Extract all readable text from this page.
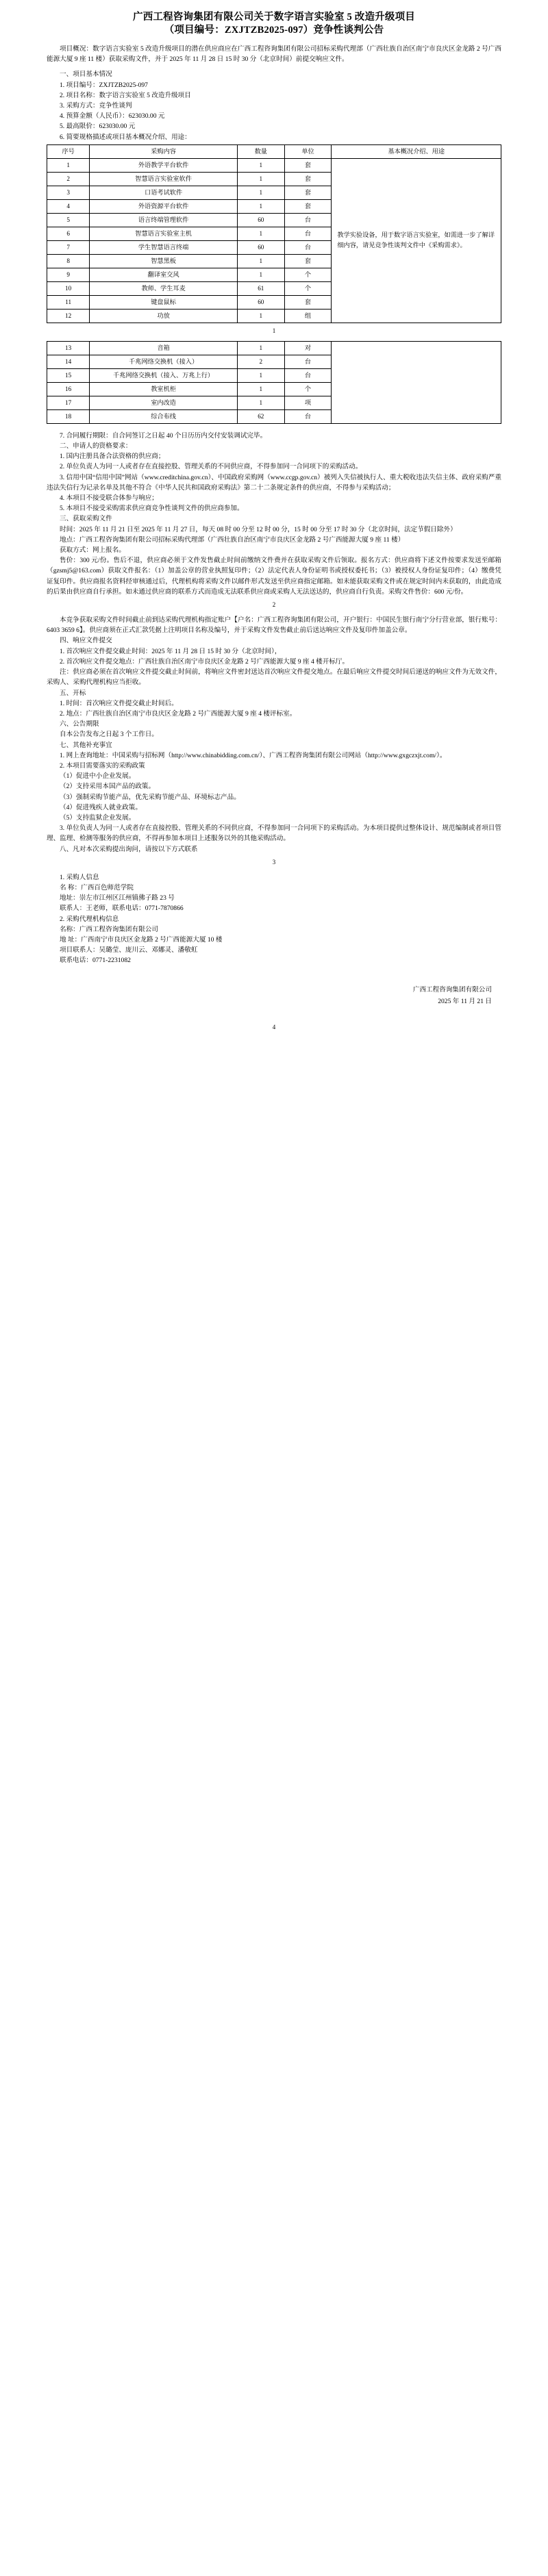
广西工程咨询集团有限公司关于数字语言实验室 5 改造升级项目
（项目编号：ZXJTZB2025-097）竞争性谈判公告

项目概况：数字语言实验室 5 改造升级项目的潜在供应商应在广西工程咨询集团有限公司招标采购代理部（广西壮族自治区南宁市良庆区金龙路 2 号广西能源大厦 9 座 11 楼）获取采购文件，并于 2025 年 11 月 28 日 15 时 30 分（北京时间）前提交响应文件。

一、项目基本情况

1. 项目编号：ZXJTZB2025-097

2. 项目名称：数字语言实验室 5 改造升级项目

3. 采购方式：竞争性谈判

4. 预算金额（人民币）：623030.00 元

5. 最高限价：623030.00 元

6. 简要规格描述或项目基本概况介绍、用途：

序号	采购内容	数量	单位	基本概况介绍、用途
1	外语教学平台软件	1	套	教学实验设备，用于数字语言实验室，如需进一步了解详细内容，请见竞争性谈判文件中《采购需求》。
2	智慧语言实验室软件	1	套	
3	口语考试软件	1	套	
4	外语资源平台软件	1	套	
5	语言终端管理软件	60	台	
6	智慧语言实验室主机	1	台	
7	学生智慧语言终端	60	台	
8	智慧黑板	1	套	
9	翻译室交风	1	个	
10	教师、学生耳麦	61	个	
11	键盘鼠标	60	套	
12	功放	1	组	
1
13	音箱	1	对	
14	千兆网络交换机（接入）	2	台	
15	千兆网络交换机（接入、万兆上行）	1	台	
16	教室机柜	1	个	
17	室内改造	1	项	
18	综合布线	62	台	

7. 合同履行期限：自合同签订之日起 40 个日历历内交付安装调试完毕。

二、申请人的资格要求：

1. 国内注册具备合法资格的供应商；

2. 单位负责人为同一人或者存在直接控股、管理关系的不同供应商，不得参加同一合同项下的采购活动。

3. 信用中国“信用中国”网站（www.creditchina.gov.cn）、中国政府采购网（www.ccgp.gov.cn）被列入失信被执行人、重大税收违法失信主体、政府采购严重违法失信行为记录名单及其他不符合《中华人民共和国政府采购法》第二十二条规定条件的供应商，不得参与采购活动；

4. 本项目不接受联合体参与响应；

5. 本项目不接受采购需求供应商竞争性谈判文件的供应商参加。

三、获取采购文件

时间：2025 年 11 月 21 日至 2025 年 11 月 27 日，每天 08 时 00 分至 12 时 00 分，15 时 00 分至 17 时 30 分（北京时间，法定节假日除外）

地点：广西工程咨询集团有限公司招标采购代理部（广西壮族自治区南宁市良庆区金龙路 2 号广西能源大厦 9 座 11 楼）

获取方式：网上报名。

售价：300 元/份。售后不退，供应商必须于文件发售截止时间前缴纳文件费并在获取采购文件后领取。报名方式：供应商将下述文件按要求发送至邮箱（gzsmj5@163.com）获取文件报名：（1）加盖公章的营业执照复印件；（2）法定代表人身份证明书或授权委托书；（3）被授权人身份证复印件；（4）缴费凭证复印件。供应商报名资料经审核通过后，代理机构将采购文件以邮件形式发送至供应商指定邮箱。如未能获取采购文件或在规定时间内未获取的，由此造成的后果由供应商自行承担。如未通过供应商的联系方式而造成无法联系供应商或采购人无法送达的，供应商自行负责。采购文件售价：600 元/份。

2

本竞争获取采购文件时间截止前到达采购代理机构指定账户【户名：广西工程咨询集团有限公司，开户银行：中国民生银行南宁分行营业部，银行账号：6403 3659 6】。供应商须在正式汇款凭据上注明项目名称及编号，并于采购文件发售截止前后送达响应文件及复印件加盖公章。

四、响应文件提交

1. 首次响应文件提交截止时间：2025 年 11 月 28 日 15 时 30 分（北京时间），

2. 首次响应文件提交地点：广西壮族自治区南宁市良庆区金龙路 2 号广西能源大厦 9 座 4 楼开标厅。

注：供应商必须在首次响应文件提交截止时间前，将响应文件密封送达首次响应文件提交地点。在最后响应文件提交时间后递送的响应文件为无效文件，采购人、采购代理机构应当拒收。

五、开标

1. 时间：首次响应文件提交截止时间后。

2. 地点：广西壮族自治区南宁市良庆区金龙路 2 号广西能源大厦 9 座 4 楼评标室。

六、公告期限

自本公告发布之日起 3 个工作日。

七、其他补充事宜

1. 网上查询地址：中国采购与招标网（http://www.chinabidding.com.cn/）、广西工程咨询集团有限公司网站（http://www.gxgczxjt.com/）。

2. 本项目需要落实的采购政策

（1）促进中小企业发展。

（2）支持采用本国产品的政策。

（3）强制采购节能产品，优先采购节能产品、环境标志产品。

（4）促进残疾人就业政策。

（5）支持监狱企业发展。

3. 单位负责人为同一人或者存在直接控股、管理关系的不同供应商，不得参加同一合同项下的采购活动。为本项目提供过整体设计、规范编制或者项目管理、监理、检测等服务的供应商，不得再参加本项目上述服务以外的其他采购活动。

八、凡对本次采购提出询问，请按以下方式联系

3

1. 采购人信息

名 称：广西百色师范学院

地址：崇左市江州区江州镇佛子路 23 号

联系人：王老师，联系电话：0771-7870866

2. 采购代理机构信息

名称：广西工程咨询集团有限公司

地 址：广西南宁市良庆区金龙路 2 号广西能源大厦 10 楼

项目联系人：吴璐莹、庞川云、邓娜灵、潘敬虹

联系电话：0771-2231082

广西工程咨询集团有限公司
2025 年 11 月 21 日
4
